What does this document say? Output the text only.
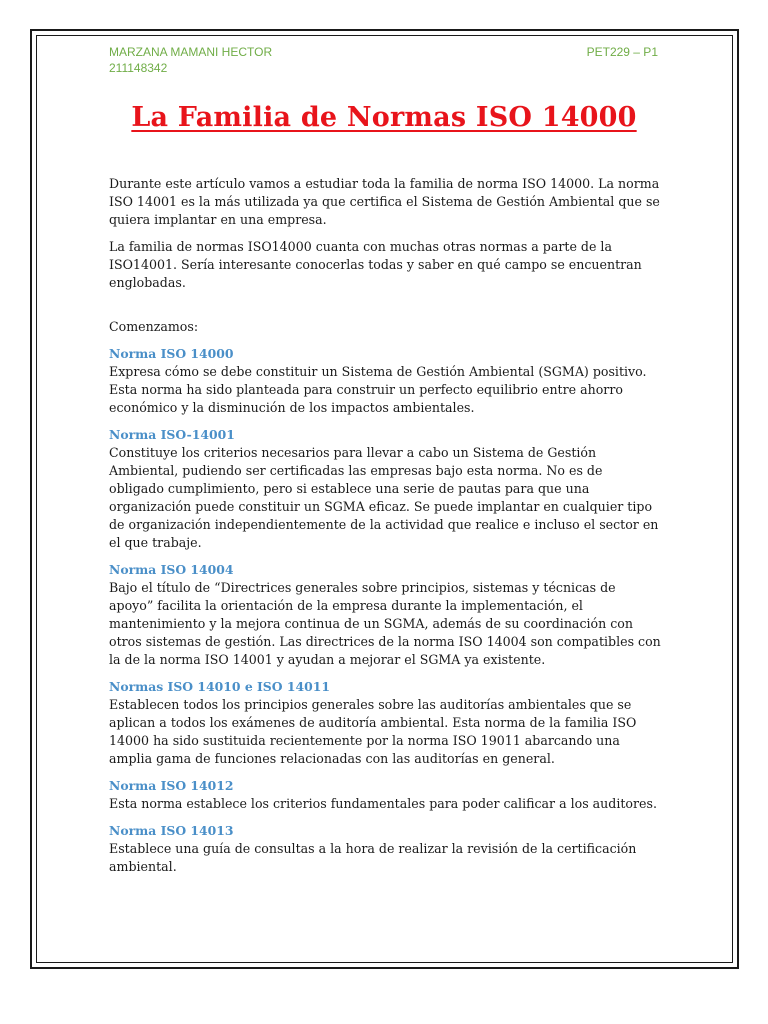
MARZANA MAMANI HECTOR
211148342
PET229 – P1
La Familia de Normas ISO 14000

Durante este artículo vamos a estudiar toda la familia de norma ISO 14000. La norma ISO 14001 es la más utilizada ya que certifica el Sistema de Gestión Ambiental que se quiera implantar en una empresa.

La familia de normas ISO14000 cuanta con muchas otras normas a parte de la ISO14001. Sería interesante conocerlas todas y saber en qué campo se encuentran englobadas.

Comenzamos:

Norma ISO 14000

Expresa cómo se debe constituir un Sistema de Gestión Ambiental (SGMA) positivo. Esta norma ha sido planteada para construir un perfecto equilibrio entre ahorro económico y la disminución de los impactos ambientales.

Norma ISO-14001

Constituye los criterios necesarios para llevar a cabo un Sistema de Gestión Ambiental, pudiendo ser certificadas las empresas bajo esta norma. No es de obligado cumplimiento, pero si establece una serie de pautas para que una organización puede constituir un SGMA eficaz. Se puede implantar en cualquier tipo de organización independientemente de la actividad que realice e incluso el sector en el que trabaje.

Norma ISO 14004

Bajo el título de “Directrices generales sobre principios, sistemas y técnicas de apoyo” facilita la orientación de la empresa durante la implementación, el mantenimiento y la mejora continua de un SGMA, además de su coordinación con otros sistemas de gestión. Las directrices de la norma ISO 14004 son compatibles con la de la norma ISO 14001 y ayudan a mejorar el SGMA ya existente.

Normas ISO 14010 e ISO 14011

Establecen todos los principios generales sobre las auditorías ambientales que se aplican a todos los exámenes de auditoría ambiental. Esta norma de la familia ISO 14000 ha sido sustituida recientemente por la norma ISO 19011 abarcando una amplia gama de funciones relacionadas con las auditorías en general.

Norma ISO 14012

Esta norma establece los criterios fundamentales para poder calificar a los auditores.

Norma ISO 14013

Establece una guía de consultas a la hora de realizar la revisión de la certificación ambiental.
